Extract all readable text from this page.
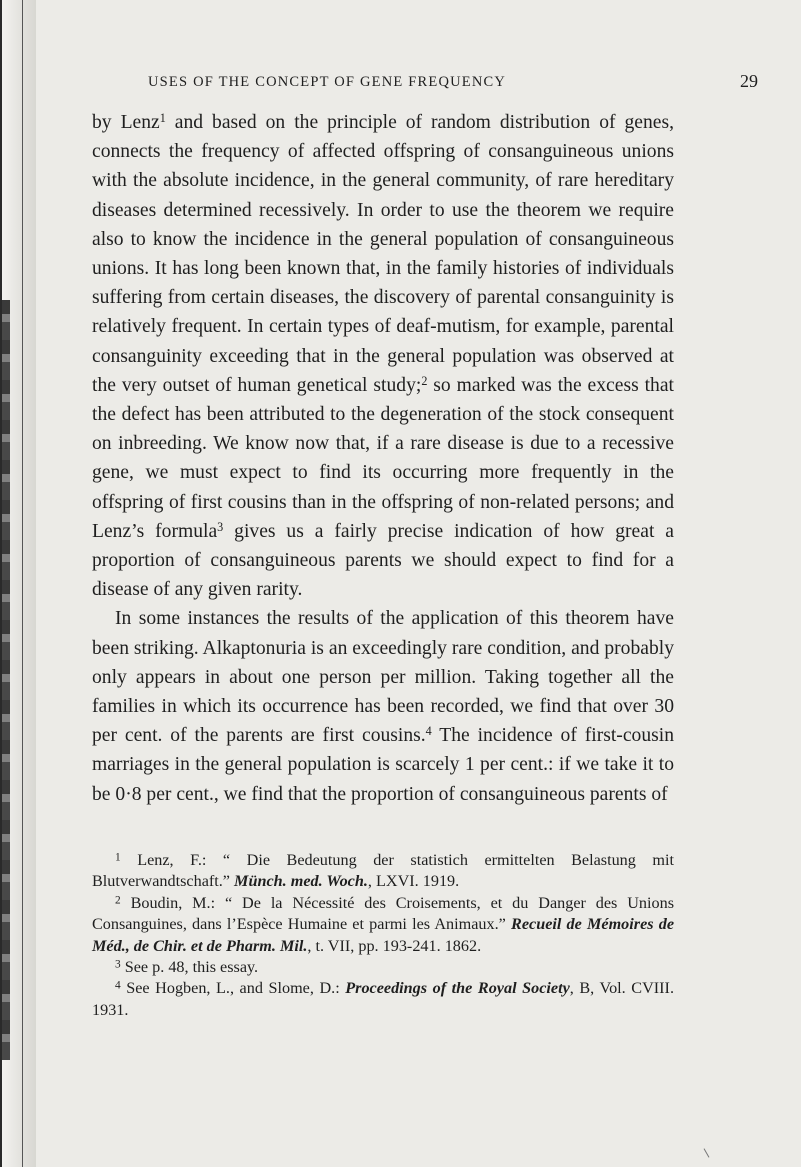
USES OF THE CONCEPT OF GENE FREQUENCY	29

by Lenz$^1$ and based on the principle of random distribution of genes, connects the frequency of affected offspring of consanguineous unions with the absolute incidence, in the general community, of rare hereditary diseases determined recessively. In order to use the theorem we require also to know the incidence in the general population of consanguineous unions. It has long been known that, in the family histories of individuals suffering from certain diseases, the discovery of parental consanguinity is relatively frequent. In certain types of deaf-mutism, for example, parental consanguinity exceeding that in the general population was observed at the very outset of human genetical study;$^2$ so marked was the excess that the defect has been attributed to the degeneration of the stock consequent on inbreeding. We know now that, if a rare disease is due to a recessive gene, we must expect to find its occurring more frequently in the offspring of first cousins than in the offspring of non-related persons; and Lenz’s formula$^3$ gives us a fairly precise indication of how great a proportion of consanguineous parents we should expect to find for a disease of any given rarity.

In some instances the results of the application of this theorem have been striking. Alkaptonuria is an exceedingly rare condition, and probably only appears in about one person per million. Taking together all the families in which its occurrence has been recorded, we find that over 30 per cent. of the parents are first cousins.$^4$ The incidence of first-cousin marriages in the general population is scarcely 1 per cent.: if we take it to be 0·8 per cent., we find that the proportion of consanguineous parents of

$^1$ Lenz, F.: “ Die Bedeutung der statistich ermittelten Belastung mit Blutverwandtschaft.” Münch. med. Woch., LXVI. 1919.

$^2$ Boudin, M.: “ De la Nécessité des Croisements, et du Danger des Unions Consanguines, dans l’Espèce Humaine et parmi les Animaux.” Recueil de Mémoires de Méd., de Chir. et de Pharm. Mil., t. VII, pp. 193-241. 1862.

$^3$ See p. 48, this essay.

$^4$ See Hogben, L., and Slome, D.: Proceedings of the Royal Society, B, Vol. CVIII. 1931.
